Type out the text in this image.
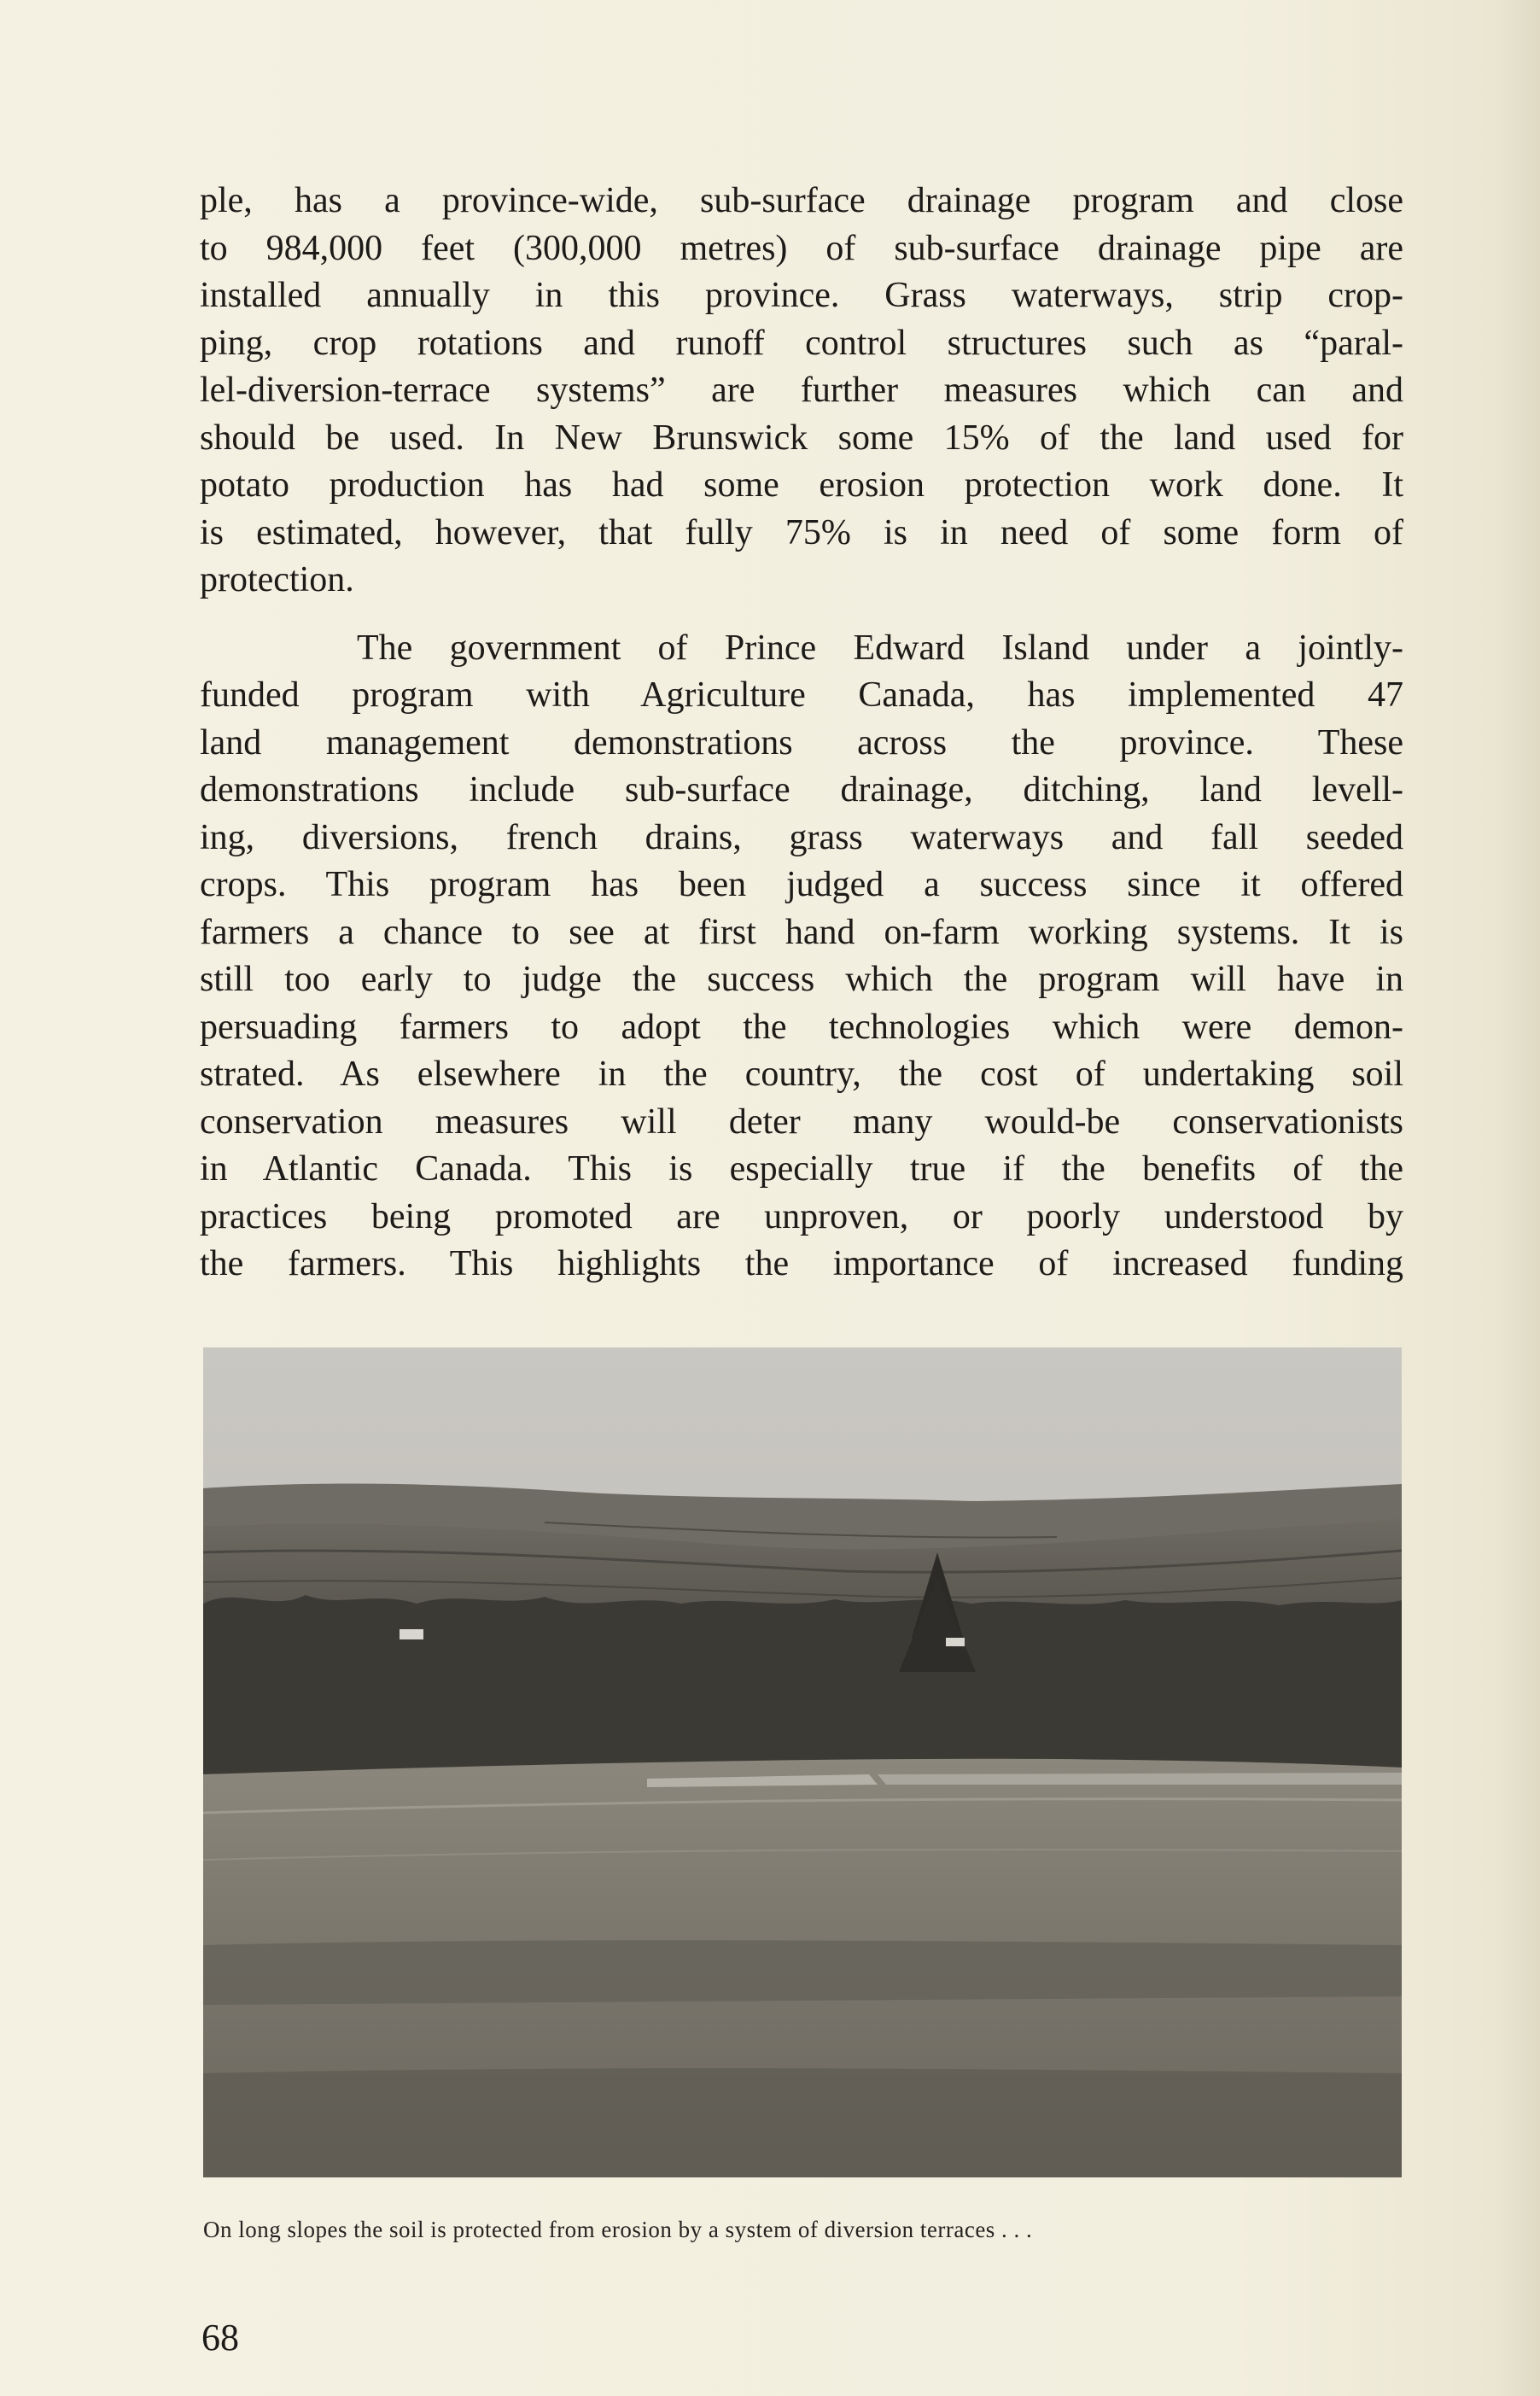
ple, has a province-wide, sub-surface drainage program and close
to 984,000 feet (300,000 metres) of sub-surface drainage pipe are
installed annually in this province. Grass waterways, strip crop-
ping, crop rotations and runoff control structures such as “paral-
lel-diversion-terrace systems” are further measures which can and
should be used. In New Brunswick some 15% of the land used for
potato production has had some erosion protection work done. It
is estimated, however, that fully 75% is in need of some form of
protection.

The government of Prince Edward Island under a jointly-
funded program with Agriculture Canada, has implemented 47
land management demonstrations across the province. These
demonstrations include sub-surface drainage, ditching, land levell-
ing, diversions, french drains, grass waterways and fall seeded
crops. This program has been judged a success since it offered
farmers a chance to see at first hand on-farm working systems. It is
still too early to judge the success which the program will have in
persuading farmers to adopt the technologies which were demon-
strated. As elsewhere in the country, the cost of undertaking soil
conservation measures will deter many would-be conservationists
in Atlantic Canada. This is especially true if the benefits of the
practices being promoted are unproven, or poorly understood by
the farmers. This highlights the importance of increased funding

On long slopes the soil is protected from erosion by a system of diversion terraces . . .
68
